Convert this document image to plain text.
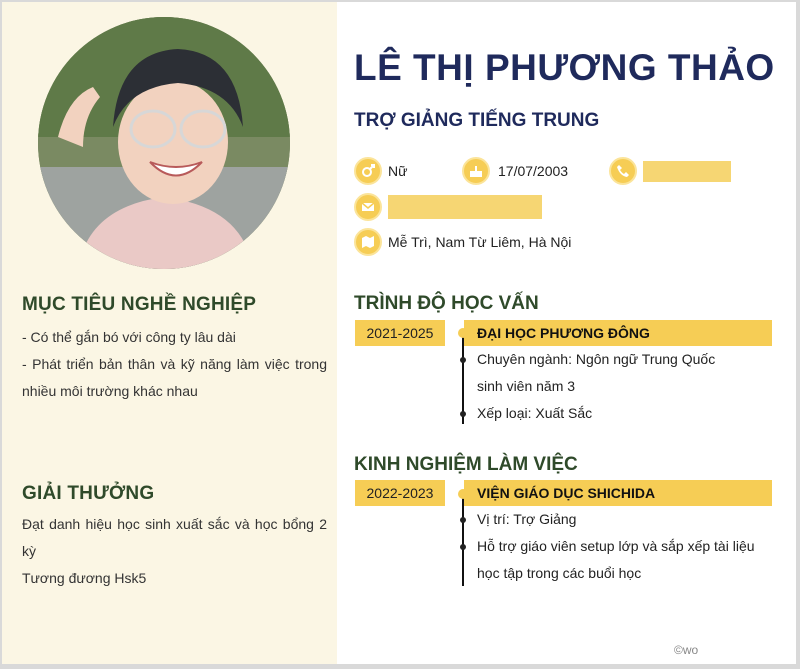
MỤC TIÊU NGHỀ NGHIỆP
- Có thể gắn bó với công ty lâu dài
- Phát triển bản thân và kỹ năng làm việc trong nhiều môi trường khác nhau
GIẢI THƯỞNG
Đạt danh hiệu học sinh xuất sắc và học bổng 2 kỳ
Tương đương Hsk5
LÊ THỊ PHƯƠNG THẢO
TRỢ GIẢNG TIẾNG TRUNG
Nữ	17/07/2003
Mễ Trì, Nam Từ Liêm, Hà Nội
TRÌNH ĐỘ HỌC VẤN
2021-2025	ĐẠI HỌC PHƯƠNG ĐÔNG
Chuyên ngành: Ngôn ngữ Trung Quốc
sinh viên năm 3
Xếp loại: Xuất Sắc
KINH NGHIỆM LÀM VIỆC
2022-2023	VIỆN GIÁO DỤC SHICHIDA
Vị trí: Trợ Giảng
Hỗ trợ giáo viên setup lớp và sắp xếp tài liệu
học tập trong các buổi học
©wo
